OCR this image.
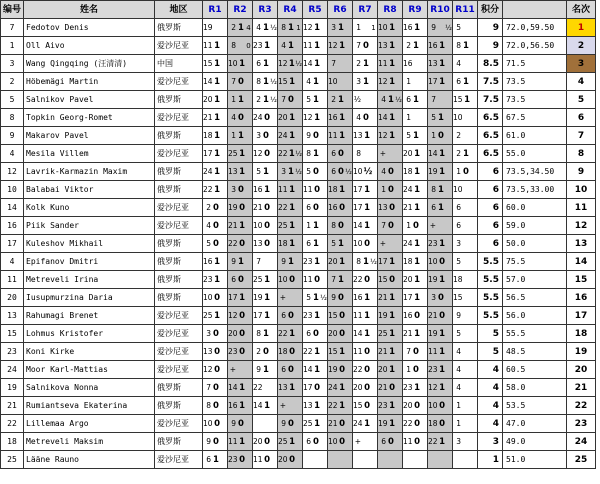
编号	姓名	地区	R1	R2	R3	R4	R5	R6	R7	R8	R9	R10	R11	积分		名次
7	Fedotov Denis	俄罗斯	19	2 1 4	4 1 ½	8 1 1	12 1	3 1	1 1	10 1	16 1	9 ½	5	9	72.0,59.50	1
1	Oll Aivo	爱沙尼亚	11 1	8 0	23 1	4 1	11 1	12 1	7 0	13 1	2 1	16 1	8 1	9	72.0,56.50	2
3	Wang Qingqing (汪清清)	中国	15 1	10 1	6 1	12 1 ½	14 1	7	2 1	11 1	16	13 1	4	8.5	71.5	3
2	Höbemägi Martin	爱沙尼亚	14 1	7 0	8 1 ½	15 1	4 1	10	3 1	12 1	1	17 1	6 1	7.5	73.5	4
5	Salnikov Pavel	俄罗斯	20 1	1 1	2 1 ½	7 0	5 1	2 1	½	4 1 ½	6 1	7	15 1	7.5	73.5	5
8	Topkin Georg-Romet	爱沙尼亚	21 1	4 0	24 0	20 1	12 1	16 1	4 0	14 1	1	5 1	10	6.5	67.5	6
9	Makarov Pavel	俄罗斯	18 1	1 1	3 0	24 1	9 0	11 1	13 1	12 1	5 1	1 0	2	6.5	61.0	7
4	Mesila Villem	爱沙尼亚	17 1	25 1	12 0	22 1 ½	8 1	6 0	8	+	20 1	14 1	2 1	6.5	55.0	8
12	Lavrik-Karmazin Maxim	俄罗斯	24 1	13 1	5 1	3 1 ½	5 0	6 0 ½	10 ½	4 0	18 1	19 1	1 0	6	73.5,34.50	9
10	Balabai Viktor	俄罗斯	22 1	3 0	16 1	11 1	11 0	18 1	17 1	1 0	24 1	8 1	10	6	73.5,33.00	10
14	Kolk Kuno	爱沙尼亚	2 0	19 0	21 0	22 1	6 0	16 0	17 1	13 0	21 1	6 1	6	6	60.0	11
16	Piik Sander	爱沙尼亚	4 0	21 1	10 0	25 1	1 1	8 0	14 1	7 0	1 0	+	6	6	59.0	12
17	Kuleshov Mikhail	俄罗斯	5 0	22 0	13 0	18 1	6 1	5 1	10 0	+	24 1	23 1	3	6	50.0	13
4	Epifanov Dmitri	俄罗斯	16 1	9 1	7	9 1	23 1	20 1	8 1 ½	17 1	18 1	10 0	5	5.5	75.5	14
11	Metreveli Irina	俄罗斯	23 1	6 0	25 1	10 0	11 0	7 1	22 0	15 0	20 1	19 1	18	5.5	57.0	15
20	Iusupmurzina Daria	俄罗斯	10 0	17 1	19 1	+	5 1 ½	9 0	16 1	21 1	17 1	3 0	15	5.5	56.5	16
13	Rahumagi Brenet	爱沙尼亚	25 1	12 0	17 1	6 0	23 1	15 0	11 1	19 1	16 0	21 0	9	5.5	56.0	17
15	Lohmus Kristofer	爱沙尼亚	3 0	20 0	8 1	22 1	6 0	20 0	14 1	25 1	21 1	19 1	5	5	55.5	18
23	Koni Kirke	爱沙尼亚	13 0	23 0	2 0	18 0	22 1	15 1	11 0	21 1	7 0	11 1	4	5	48.5	19
24	Moor Karl-Mattias	爱沙尼亚	12 0	+	9 1	6 0	14 1	19 0	22 0	20 1	1 0	23 1	4	4	60.5	20
19	Salnikova Nonna	俄罗斯	7 0	14 1	22	13 1	17 0	24 1	20 0	21 0	23 1	12 1	4	4	58.0	21
21	Rumiantseva Ekaterina	俄罗斯	8 0	16 1	14 1	+	13 1	22 1	15 0	23 1	20 0	10 0	1	4	53.5	22
22	Lillemaa Argo	爱沙尼亚	10 0	9 0		9 0	25 1	21 0	24 1	19 1	22 0	18 0	1	4	47.0	23
18	Metreveli Maksim	俄罗斯	9 0	11 1	20 0	25 1	6 0	10 0	+	6 0	11 0	22 1	3	3	49.0	24
25	Lääne Rauno	爱沙尼亚	6 1	23 0	11 0	20 0								1	51.0	25
